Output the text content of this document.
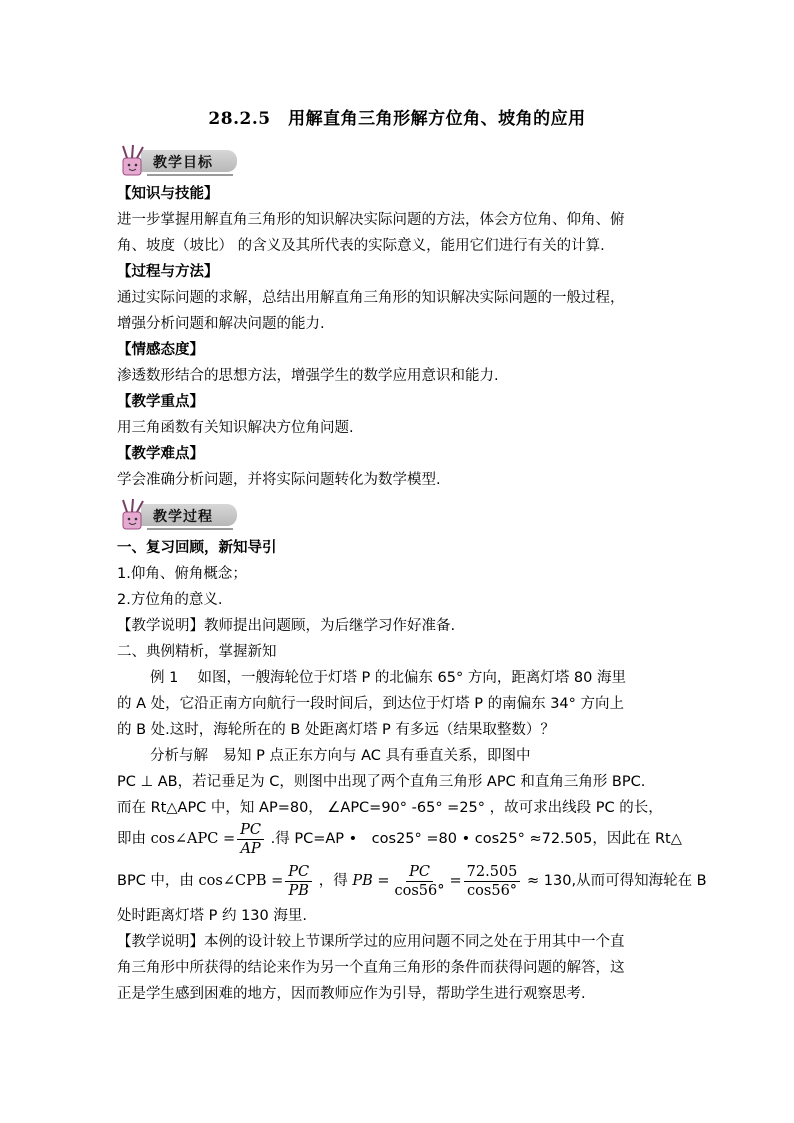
28.2.5　用解直角三角形解方位角、坡角的应用
教学目标
【知识与技能】
进一步掌握用解直角三角形的知识解决实际问题的方法，体会方位角、仰角、俯
角、坡度（坡比） 的含义及其所代表的实际意义，能用它们进行有关的计算.
【过程与方法】
通过实际问题的求解，总结出用解直角三角形的知识解决实际问题的一般过程，
增强分析问题和解决问题的能力.
【情感态度】
渗透数形结合的思想方法，增强学生的数学应用意识和能力.
【教学重点】
用三角函数有关知识解决方位角问题.
【教学难点】
学会准确分析问题，并将实际问题转化为数学模型.
教学过程
一、复习回顾，新知导引
1.仰角、俯角概念；
2.方位角的意义.
【教学说明】教师提出问题顾，为后继学习作好准备.
二、典例精析，掌握新知
例 1　 如图，一艘海轮位于灯塔 P 的北偏东 65° 方向，距离灯塔 80 海里
的 A 处，它沿正南方向航行一段时间后，到达位于灯塔 P 的南偏东 34° 方向上
的 B 处.这时，海轮所在的 B 处距离灯塔 P 有多远（结果取整数）？
分析与解　易知 P 点正东方向与 AC 具有垂直关系，即图中
PC ⊥ AB，若记垂足为 C，则图中出现了两个直角三角形 APC 和直角三角形 BPC.
而在 Rt△APC 中，知 AP=80， ∠APC=90° -65° =25° ，故可求出线段 PC 的长，
即由 cos∠APC = $\frac{PC}{AP}$ .得 PC=AP •　cos25° =80 • cos25° ≈72.505，因此在 Rt△
BPC 中，由 cos∠CPB = $\frac{PC}{PB}$ ，得 PB = $\frac{PC}{\cos 56^\circ} = \frac{72.505}{\cos 56^\circ} \approx 130$,从而可得知海轮在 B
处时距离灯塔 P 约 130 海里.
【教学说明】本例的设计较上节课所学过的应用问题不同之处在于用其中一个直
角三角形中所获得的结论来作为另一个直角三角形的条件而获得问题的解答，这
正是学生感到困难的地方，因而教师应作为引导，帮助学生进行观察思考.
